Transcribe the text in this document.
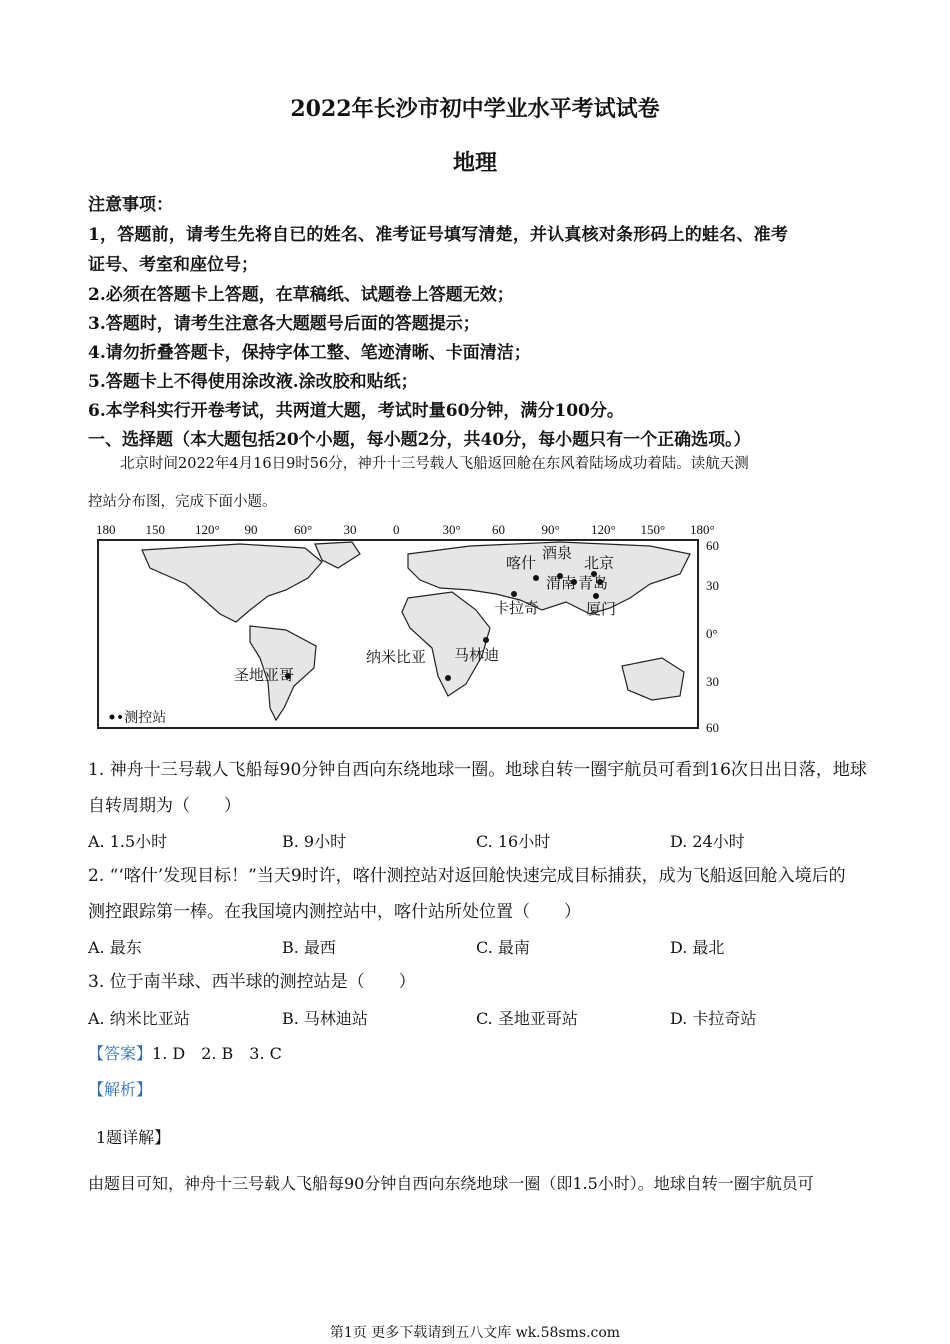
2022年长沙市初中学业水平考试试卷
地理
注意事项：
1，答题前，请考生先将自已的姓名、准考证号填写清楚，并认真核对条形码上的蛙名、准考
证号、考室和座位号；
2.必须在答题卡上答题，在草稿纸、试题卷上答题无效；
3.答题时，请考生注意各大题题号后面的答题提示；
4.请勿折叠答题卡，保持字体工整、笔迹清晰、卡面清洁；
5.答题卡上不得使用涂改液.涂改胶和贴纸；
6.本学科实行开卷考试，共两道大题，考试时量60分钟，满分100分。
一、选择题（本大题包括20个小题，每小题2分，共40分，每小题只有一个正确选项。）
北京时间2022年4月16日9时56分，神升十三号载人飞船返回舱在东风着陆场成功着陆。读航天测
控站分布图，完成下面小题。
180 150 120° 90	60° 30	0	30° 60	90° 120° 150° 180°
60
30
0°
30
60
喀什
酒泉
北京
渭南 青岛
卡拉奇	厦门
纳米比亚 马林迪
圣地亚哥
•测控站
1. 神舟十三号载人飞船每90分钟自西向东绕地球一圈。地球自转一圈宇航员可看到16次日出日落，地球
自转周期为（　　）
A. 1.5小时	B. 9小时	C. 16小时	D. 24小时
2. “‘喀什’发现目标！”当天9时许，喀什测控站对返回舱快速完成目标捕获，成为飞船返回舱入境后的
测控跟踪第一棒。在我国境内测控站中，喀什站所处位置（　　）
A. 最东	B. 最西	C. 最南	D. 最北
3. 位于南半球、西半球的测控站是（　　）
A. 纳米比亚站	B. 马林迪站	C. 圣地亚哥站	D. 卡拉奇站
【答案】1. D　2. B　3. C
【解析】
1题详解】
由题目可知，神舟十三号载人飞船每90分钟自西向东绕地球一圈（即1.5小时）。地球自转一圈宇航员可
第1页 更多下载请到五八文库 wk.58sms.com
